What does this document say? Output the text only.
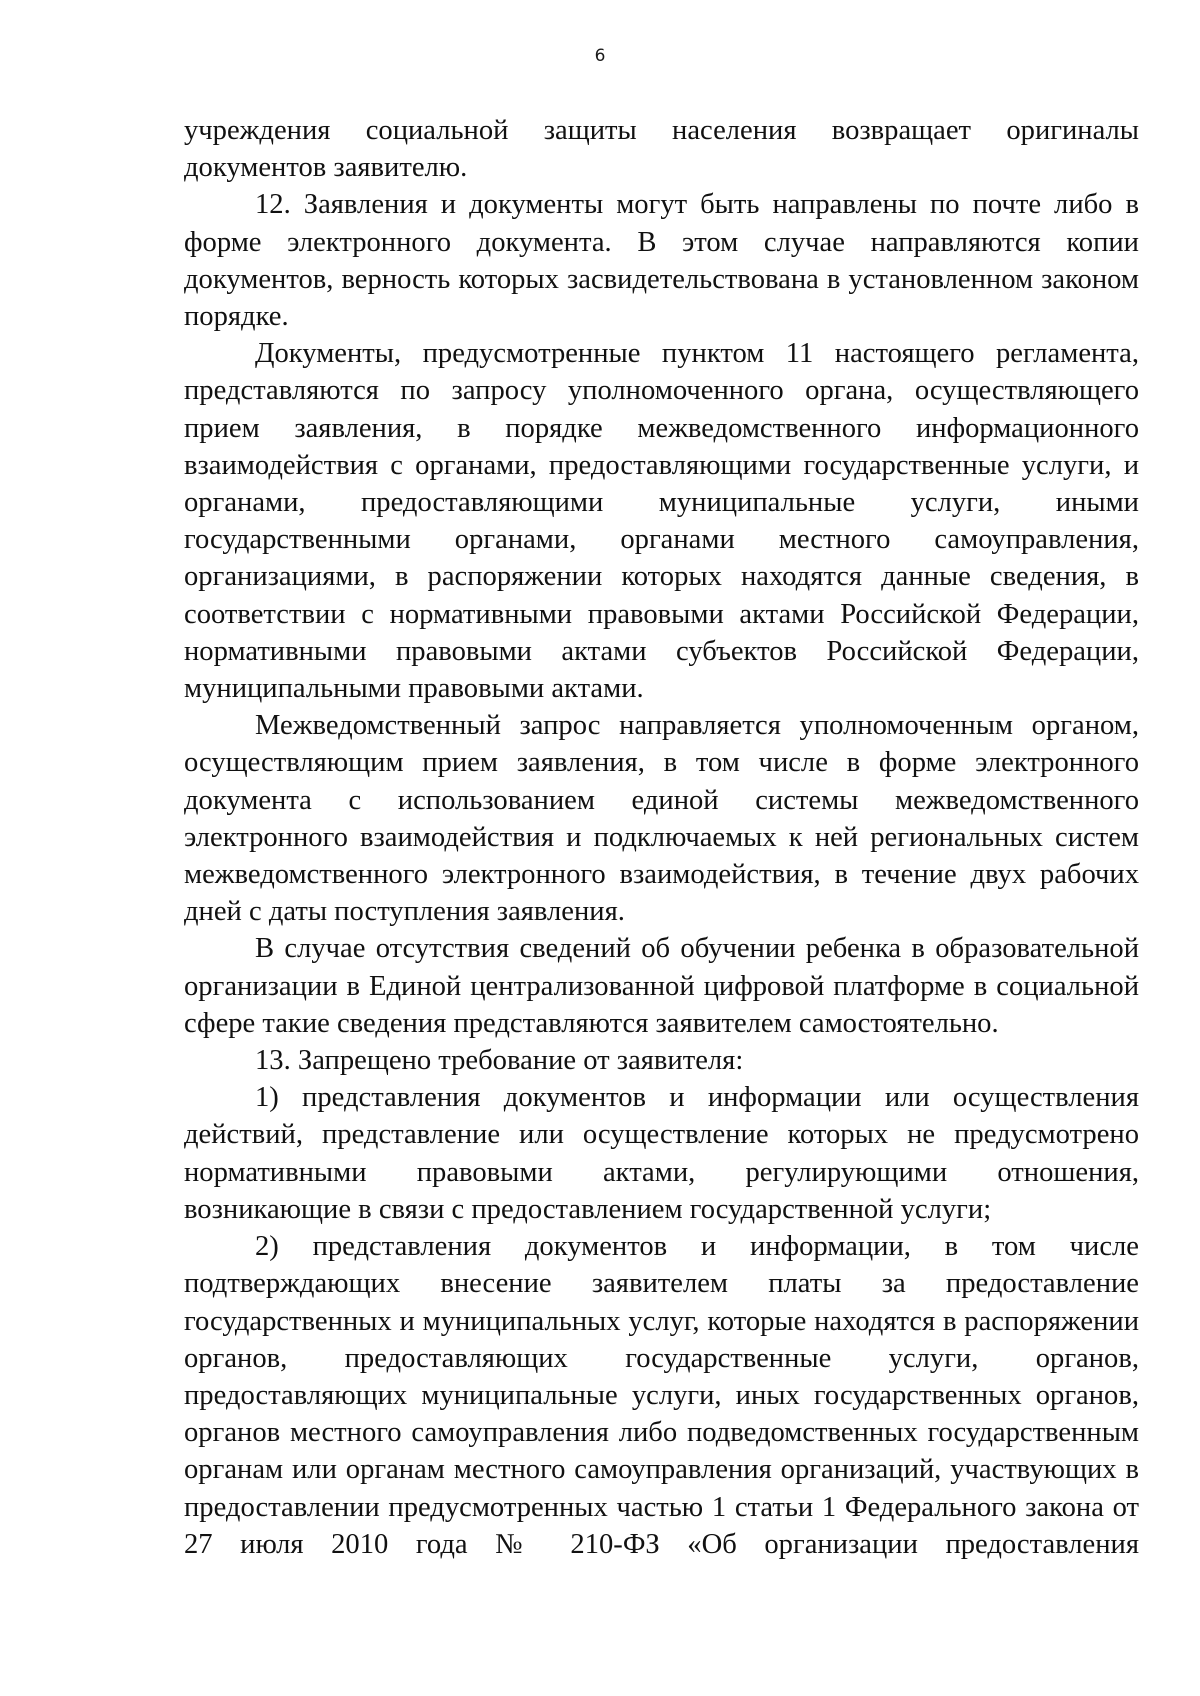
6

учреждения социальной защиты населения возвращает оригиналы документов заявителю.

12. Заявления и документы могут быть направлены по почте либо в форме электронного документа. В этом случае направляются копии документов, верность которых засвидетельствована в установленном законом порядке.

Документы, предусмотренные пунктом 11 настоящего регламента, представляются по запросу уполномоченного органа, осуществляющего прием заявления, в порядке межведомственного информационного взаимодействия с органами, предоставляющими государственные услуги, и органами, предоставляющими муниципальные услуги, иными государственными органами, органами местного самоуправления, организациями, в распоряжении которых находятся данные сведения, в соответствии с нормативными правовыми актами Российской Федерации, нормативными правовыми актами субъектов Российской Федерации, муниципальными правовыми актами.

Межведомственный запрос направляется уполномоченным органом, осуществляющим прием заявления, в том числе в форме электронного документа с использованием единой системы межведомственного электронного взаимодействия и подключаемых к ней региональных систем межведомственного электронного взаимодействия, в течение двух рабочих дней с даты поступления заявления.

В случае отсутствия сведений об обучении ребенка в образовательной организации в Единой централизованной цифровой платформе в социальной сфере такие сведения представляются заявителем самостоятельно.

13. Запрещено требование от заявителя:

1) представления документов и информации или осуществления действий, представление или осуществление которых не предусмотрено нормативными правовыми актами, регулирующими отношения, возникающие в связи с предоставлением государственной услуги;

2) представления документов и информации, в том числе подтверждающих внесение заявителем платы за предоставление государственных и муниципальных услуг, которые находятся в распоряжении органов, предоставляющих государственные услуги, органов, предоставляющих муниципальные услуги, иных государственных органов, органов местного самоуправления либо подведомственных государственным органам или органам местного самоуправления организаций, участвующих в предоставлении предусмотренных частью 1 статьи 1 Федерального закона от 27 июля 2010 года № 210-ФЗ «Об организации предоставления
